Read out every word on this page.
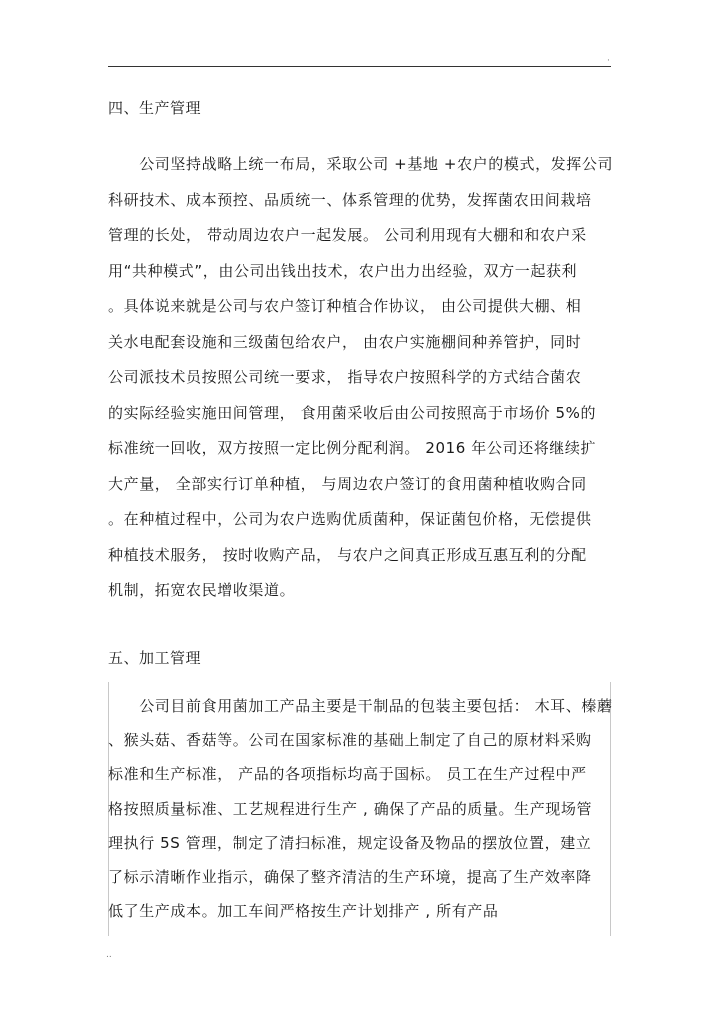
·
四、生产管理
　　公司坚持战略上统一布局，采取公司 +基地 +农户的模式，发挥公司
科研技术、成本预控、品质统一、体系管理的优势，发挥菌农田间栽培
管理的长处， 带动周边农户一起发展。 公司利用现有大棚和和农户采
用“共种模式”，由公司出钱出技术，农户出力出经验，双方一起获利
。具体说来就是公司与农户签订种植合作协议， 由公司提供大棚、相
关水电配套设施和三级菌包给农户， 由农户实施棚间种养管护，同时
公司派技术员按照公司统一要求， 指导农户按照科学的方式结合菌农
的实际经验实施田间管理， 食用菌采收后由公司按照高于市场价 5%的
标准统一回收，双方按照一定比例分配利润。 2016 年公司还将继续扩
大产量， 全部实行订单种植， 与周边农户签订的食用菌种植收购合同
。在种植过程中，公司为农户选购优质菌种，保证菌包价格，无偿提供
种植技术服务， 按时收购产品， 与农户之间真正形成互惠互利的分配
机制，拓宽农民增收渠道。
五、加工管理
　　公司目前食用菌加工产品主要是干制品的包装主要包括： 木耳、榛蘑
、猴头菇、香菇等。公司在国家标准的基础上制定了自己的原材料采购
标准和生产标准， 产品的各项指标均高于国标。 员工在生产过程中严
格按照质量标准、工艺规程进行生产 , 确保了产品的质量。生产现场管
理执行 5S 管理，制定了清扫标准，规定设备及物品的摆放位置，建立
了标示清晰作业指示，确保了整齐清洁的生产环境，提高了生产效率降
低了生产成本。加工车间严格按生产计划排产 , 所有产品
..
